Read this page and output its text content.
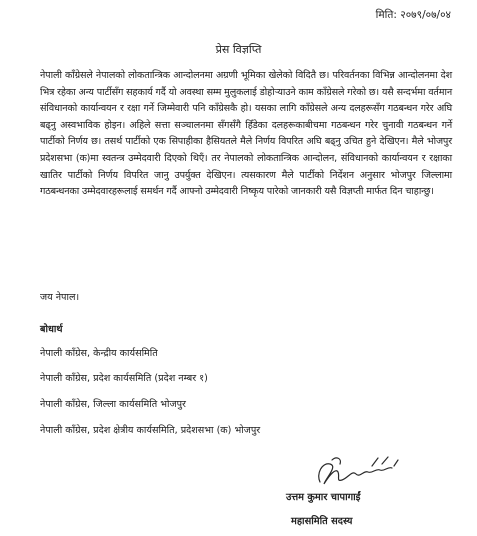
मिति: २०७९/०७/०४
प्रेस विज्ञप्ति
नेपाली काँग्रेसले नेपालको लोकतान्त्रिक आन्दोलनमा अग्रणी भूमिका खेलेको विदितै छ। परिवर्तनका विभिन्न आन्दोलनमा देश भित्र रहेका अन्य पार्टीसँग सहकार्य गर्दै यो अवस्था सम्म मुलुकलाई डोहोऱ्याउने काम काँग्रेसले गरेको छ। यसै सन्दर्भमा वर्तमान संविधानको कार्यान्वयन र रक्षा गर्ने जिम्मेवारी पनि काँग्रेसकै हो। यसका लागि काँग्रेसले अन्य दलहरूसँग गठबन्धन गरेर अघि बढ्नु अस्वभाविक होइन। अहिले सत्ता सञ्चालनमा सँगसँगै हिँडेका दलहरूकाबीचमा गठबन्धन गरेर चुनावी गठबन्धन गर्ने पार्टीको निर्णय छ। तसर्थ पार्टीको एक सिपाहीका हैसियतले मैले निर्णय विपरित अघि बढ्नु उचित हुने देखिएन। मैले भोजपुर प्रदेशसभा (क)मा स्वतन्त्र उम्मेदवारी दिएको थिएँ। तर नेपालको लोकतान्त्रिक आन्दोलन, संविधानको कार्यान्वयन र रक्षाका खातिर पार्टीको निर्णय विपरित जानु उपर्युक्त देखिएन। त्यसकारण मैले पार्टीको निर्देशन अनुसार भोजपुर जिल्लामा गठबन्धनका उम्मेदवारहरूलाई समर्थन गर्दै आफ्नो उम्मेदवारी निष्कृय पारेको जानकारी यसै विज्ञप्ती मार्फत दिन चाहान्छु।
जय नेपाल।
बोधार्थ
नेपाली काँग्रेस, केन्द्रीय कार्यसमिति
नेपाली काँग्रेस, प्रदेश कार्यसमिति (प्रदेश नम्बर १)
नेपाली काँग्रेस, जिल्ला कार्यसमिति भोजपुर
नेपाली काँग्रेस, प्रदेश क्षेत्रीय कार्यसमिति, प्रदेशसभा (क) भोजपुर
उत्तम कुमार चापागाईं
महासमिति सदस्य
